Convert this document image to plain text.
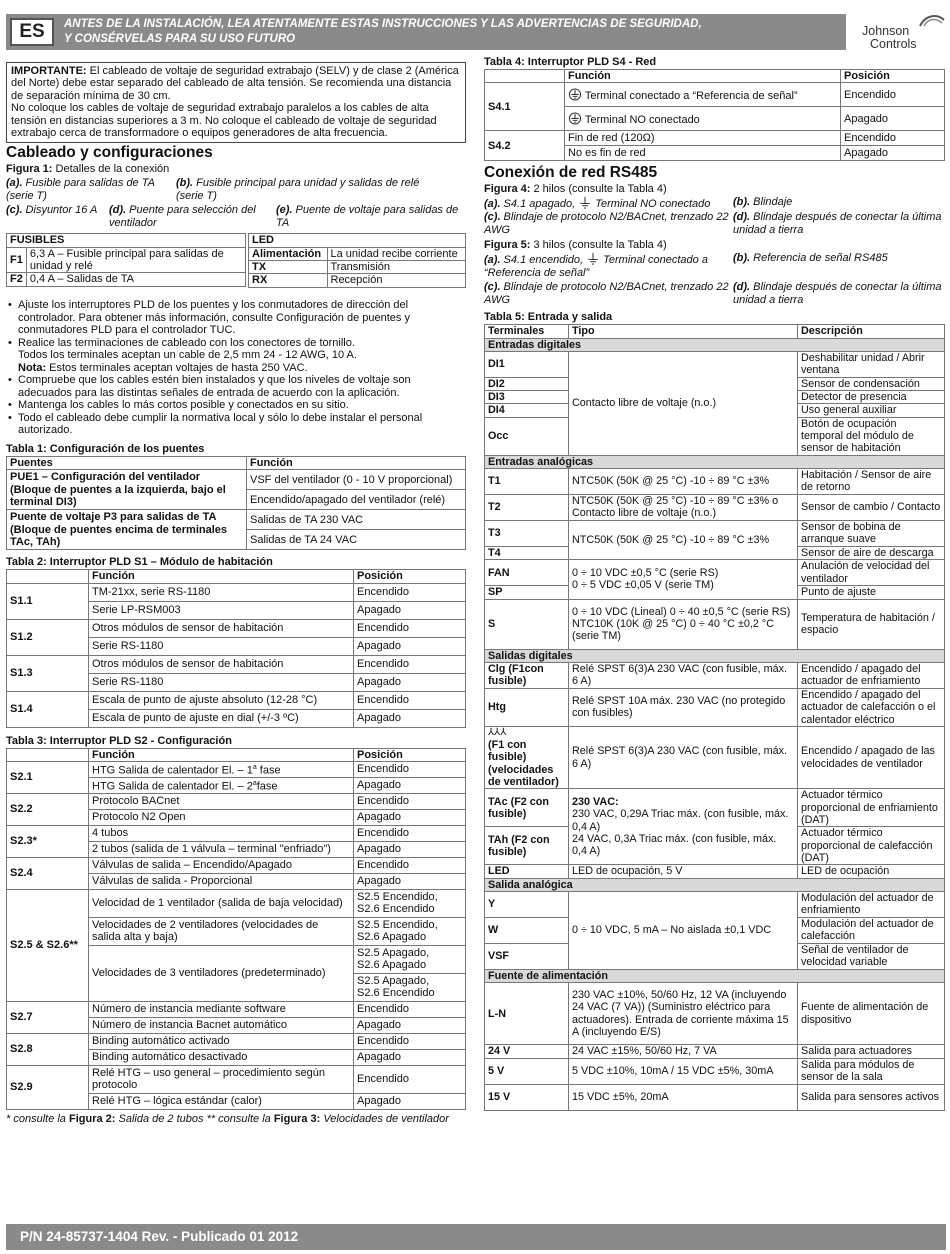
ES	ANTES DE LA INSTALACIÓN, LEA ATENTAMENTE ESTAS INSTRUCCIONES Y LAS ADVERTENCIAS DE SEGURIDAD,
Y CONSÉRVELAS PARA SU USO FUTURO
Johnson
Controls

IMPORTANTE: El cableado de voltaje de seguridad extrabajo (SELV) y de clase 2 (América del Norte) debe estar separado del cableado de alta tensión. Se recomienda una distancia de separación mínima de 30 cm.

No coloque los cables de voltaje de seguridad extrabajo paralelos a los cables de alta tensión en distancias superiores a 3 m. No coloque el cableado de voltaje de seguridad extrabajo cerca de transformadore o equipos generadores de alta frecuencia.

Cableado y configuraciones
Figura 1: Detalles de la conexión
(a). Fusible para salidas de TA (serie T)
(b). Fusible principal para unidad y salidas de relé (serie T)
(c). Disyuntor 16 A	(d). Puente para selección del ventilador
(e). Puente de voltaje para salidas de TA
FUSIBLES	
F1	6,3 A – Fusible principal para salidas de unidad y relé
F2	0,4 A – Salidas de TA
LED	
Alimentación	La unidad recibe corriente
TX	Transmisión
RX	Recepción
• Ajuste los interruptores PLD de los puentes y los conmutadores de dirección del controlador. Para obtener más información, consulte Configuración de puentes y conmutadores PLD para el controlador TUC.
• Realice las terminaciones de cableado con los conectores de tornillo.
Todos los terminales aceptan un cable de 2,5 mm 24 - 12 AWG, 10 A.
Nota: Estos terminales aceptan voltajes de hasta 250 VAC.
• Compruebe que los cables estén bien instalados y que los niveles de voltaje son adecuados para las distintas señales de entrada de acuerdo con la aplicación.
• Mantenga los cables lo más cortos posible y conectados en su sitio.
• Todo el cableado debe cumplir la normativa local y sólo lo debe instalar el personal autorizado.
Tabla 1: Configuración de los puentes
Puentes	Función
PUE1 – Configuración del ventilador (Bloque de puentes a la izquierda, bajo el terminal DI3)	VSF del ventilador (0 - 10 V proporcional)
	Encendido/apagado del ventilador (relé)
Puente de voltaje P3 para salidas de TA (Bloque de puentes encima de terminales TAc, TAh)	Salidas de TA 230 VAC
	Salidas de TA 24 VAC
Tabla 2: Interruptor PLD S1 – Módulo de habitación
	Función	Posición
S1.1	TM-21xx, serie RS-1180	Encendido
	Serie LP-RSM003	Apagado
S1.2	Otros módulos de sensor de habitación	Encendido
	Serie RS-1180	Apagado
S1.3	Otros módulos de sensor de habitación	Encendido
	Serie RS-1180	Apagado
S1.4	Escala de punto de ajuste absoluto (12-28 °C)	Encendido
	Escala de punto de ajuste en dial (+/-3 ºC)	Apagado
Tabla 3: Interruptor PLD S2 - Configuración
	Función	Posición
S2.1	HTG Salida de calentador El. – 1$^a$ fase	Encendido
	HTG Salida de calentador El. – 2$^a$fase	Apagado
S2.2	Protocolo BACnet	Encendido
	Protocolo N2 Open	Apagado
S2.3*	4 tubos	Encendido
	2 tubos (salida de 1 válvula – terminal "enfriado")	Apagado
S2.4	Válvulas de salida – Encendido/Apagado	Encendido
	Válvulas de salida - Proporcional	Apagado
S2.5 & S2.6**	Velocidad de 1 ventilador (salida de baja velocidad)	S2.5 Encendido,
S2.6 Encendido

	Velocidades de 2 ventiladores (velocidades de salida alta y baja)	S2.5 Encendido,
S2.6 Apagado

	Velocidades de 3 ventiladores (predeterminado)	S2.5 Apagado,
S2.6 Apagado

		S2.5 Apagado,
S2.6 Encendido

S2.7	Número de instancia mediante software	Encendido
	Número de instancia Bacnet automático	Apagado
S2.8	Binding automático activado	Encendido
	Binding automático desactivado	Apagado
S2.9	Relé HTG – uso general – procedimiento según protocolo	Encendido
	Relé HTG – lógica estándar (calor)	Apagado
* consulte la Figura 2: Salida de 2 tubos ** consulte la Figura 3: Velocidades de ventilador
Tabla 4: Interruptor PLD S4 - Red
	Función	Posición
S4.1	Terminal conectado a “Referencia de señal”	Encendido
	Terminal NO conectado	Apagado
S4.2	Fin de red (120Ω)	Encendido
	No es fin de red	Apagado
Conexión de red RS485
Figura 4: 2 hilos (consulte la Tabla 4)
(a). S4.1 apagado,  Terminal NO conectado	(b). Blindaje
(c). Blindaje de protocolo N2/BACnet, trenzado 22 AWG
(d). Blindaje después de conectar la última unidad a tierra
Figura 5: 3 hilos (consulte la Tabla 4)
(a). S4.1 encendido,  Terminal conectado a “Referencia de señal”
(b). Referencia de señal RS485
(c). Blindaje de protocolo N2/BACnet, trenzado 22 AWG
(d). Blindaje después de conectar la última unidad a tierra
Tabla 5: Entrada y salida
Terminales	Tipo	Descripción
Entradas digitales		
DI1	Contacto libre de voltaje (n.o.)	Deshabilitar unidad / Abrir ventana
DI2		Sensor de condensación
DI3		Detector de presencia
DI4		Uso general auxiliar
Occ		Botón de ocupación temporal del módulo de sensor de habitación
Entradas analógicas		
T1	NTC50K (50K @ 25 °C) -10 ÷ 89 °C ±3%	Habitación / Sensor de aire de retorno
T2	NTC50K (50K @ 25 °C) -10 ÷ 89 °C ±3% o Contacto libre de voltaje (n.o.)	Sensor de cambio / Contacto
T3	NTC50K (50K @ 25 °C) -10 ÷ 89 °C ±3%	Sensor de bobina de arranque suave
T4		Sensor de aire de descarga
FAN	0 ÷ 10 VDC ±0,5 °C (serie RS)
0 ÷ 5 VDC ±0,05 V (serie TM)	Anulación de velocidad del ventilador
SP		Punto de ajuste
S	0 ÷ 10 VDC (Lineal) 0 ÷ 40 ±0,5 °C (serie RS) NTC10K (10K @ 25 °C) 0 ÷ 40 °C ±0,2 °C (serie TM)	Temperatura de habitación / espacio
Salidas digitales		
Clg (F1con fusible)	Relé SPST 6(3)A 230 VAC (con fusible, máx. 6 A)	Encendido / apagado del actuador de enfriamiento
Htg	Relé SPST 10A máx. 230 VAC (no protegido con fusibles)	Encendido / apagado del actuador de calefacción o el calentador eléctrico

⅄⅄⅄
(F1 con fusible) (velocidades de ventilador)	Relé SPST 6(3)A 230 VAC (con fusible, máx. 6 A)	Encendido / apagado de las velocidades de ventilador
TAc (F2 con fusible)	230 VAC:
230 VAC, 0,29A Triac máx. (con fusible, máx. 0,4 A)
24 VAC, 0,3A Triac máx. (con fusible, máx. 0,4 A)	Actuador térmico proporcional de enfriamiento (DAT)
TAh (F2 con fusible)		Actuador térmico proporcional de calefacción (DAT)
LED	LED de ocupación, 5 V	LED de ocupación
Salida analógica		
Y	0 ÷ 10 VDC, 5 mA – No aislada ±0,1 VDC	Modulación del actuador de enfriamiento
W		Modulación del actuador de calefacción
VSF		Señal de ventilador de velocidad variable
Fuente de alimentación		
L-N	230 VAC ±10%, 50/60 Hz, 12 VA (incluyendo 24 VAC (7 VA)) (Suministro eléctrico para actuadores). Entrada de corriente máxima 15 A (incluyendo E/S)	Fuente de alimentación de dispositivo
24 V	24 VAC ±15%, 50/60 Hz, 7 VA	Salida para actuadores
5 V	5 VDC ±10%, 10mA / 15 VDC ±5%, 30mA	Salida para módulos de sensor de la sala
15 V	15 VDC ±5%, 20mA	Salida para sensores activos
P/N 24-85737-1404 Rev. - Publicado 01 2012
